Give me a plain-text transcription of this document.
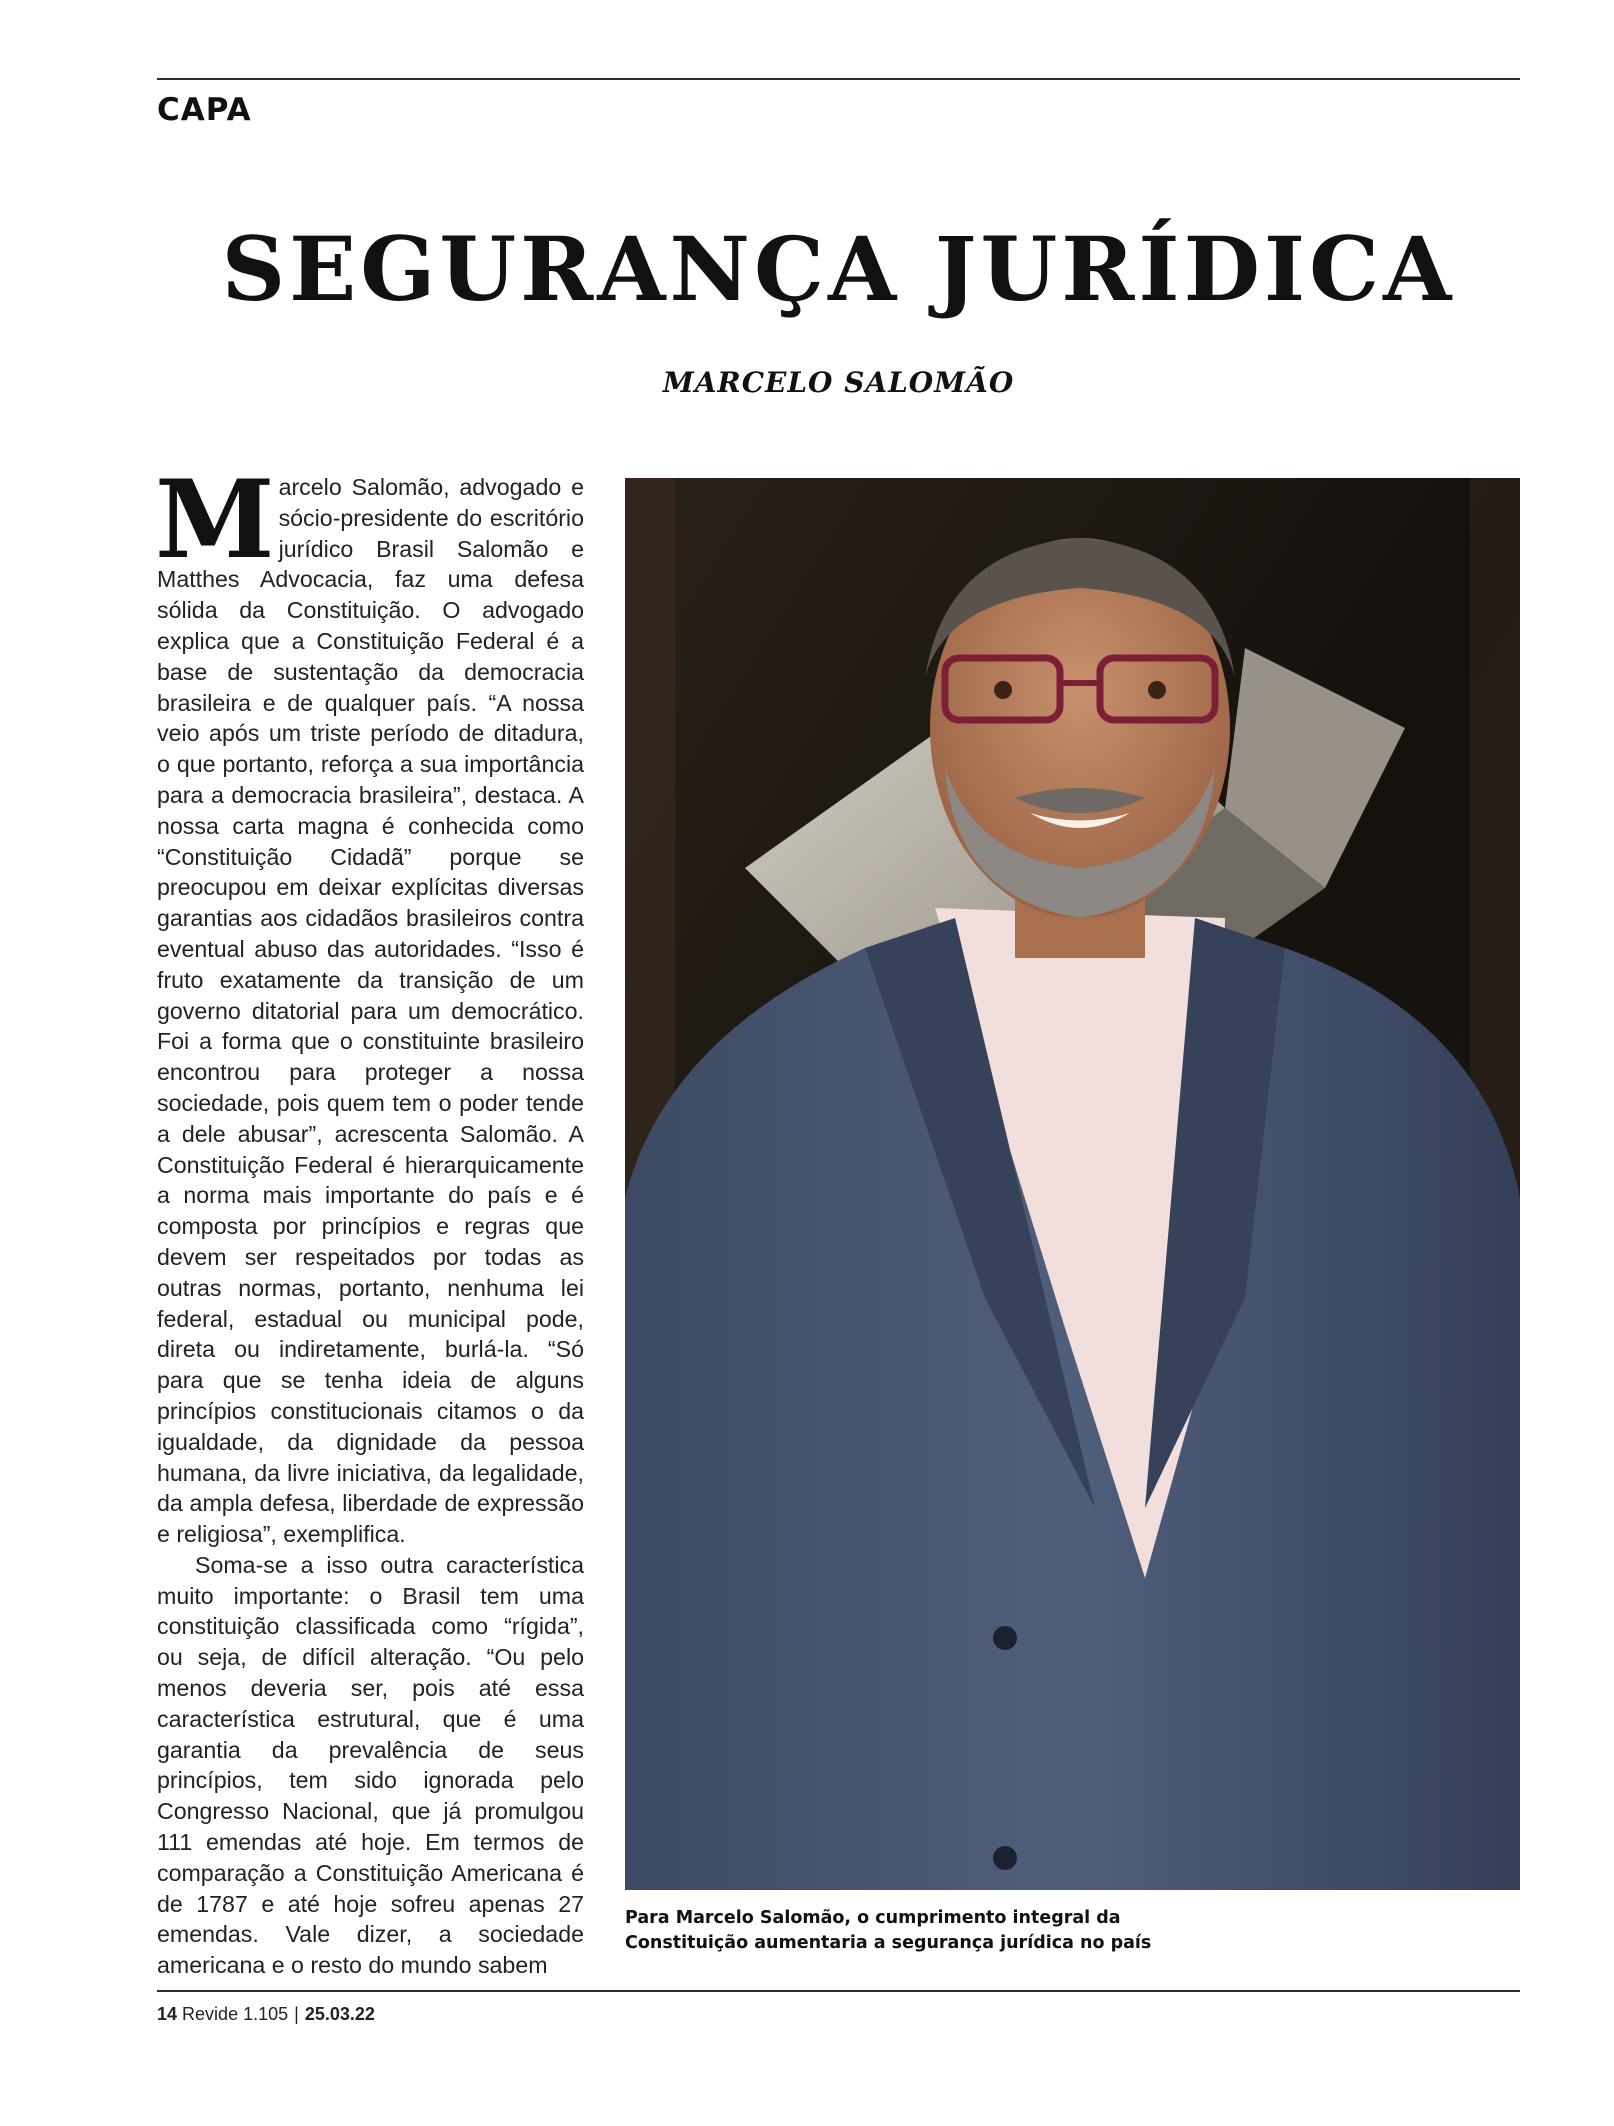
CAPA
SEGURANÇA JURÍDICA
MARCELO SALOMÃO

Marcelo Salomão, advogado e sócio-presidente do escritório jurídico Brasil Salomão e Matthes Advocacia, faz uma defesa sólida da Constituição. O advogado explica que a Constituição Federal é a base de sustentação da democracia brasileira e de qualquer país. “A nossa veio após um triste período de ditadura, o que portanto, reforça a sua importância para a democracia brasileira”, destaca. A nossa carta magna é conhecida como “Constituição Cidadã” porque se preocupou em deixar explícitas diversas garantias aos cidadãos brasileiros contra eventual abuso das autoridades. “Isso é fruto exatamente da transição de um governo ditatorial para um democrático. Foi a forma que o constituinte brasileiro encontrou para proteger a nossa sociedade, pois quem tem o poder tende a dele abusar”, acrescenta Salomão. A Constituição Federal é hierarquicamente a norma mais importante do país e é composta por princípios e regras que devem ser respeitados por todas as outras normas, portanto, nenhuma lei federal, estadual ou municipal pode, direta ou indiretamente, burlá-la. “Só para que se tenha ideia de alguns princípios constitucionais citamos o da igualdade, da dignidade da pessoa humana, da livre iniciativa, da legalidade, da ampla defesa, liberdade de expressão e religiosa”, exemplifica.

Soma-se a isso outra característica muito importante: o Brasil tem uma constituição classificada como “rígida”, ou seja, de difícil alteração. “Ou pelo menos deveria ser, pois até essa característica estrutural, que é uma garantia da prevalência de seus princípios, tem sido ignorada pelo Congresso Nacional, que já promulgou 111 emendas até hoje. Em termos de comparação a Constituição Americana é de 1787 e até hoje sofreu apenas 27 emendas. Vale dizer, a sociedade americana e o resto do mundo sabem

Para Marcelo Salomão, o cumprimento integral da
Constituição aumentaria a segurança jurídica no país
14 Revide 1.105 | 25.03.22
